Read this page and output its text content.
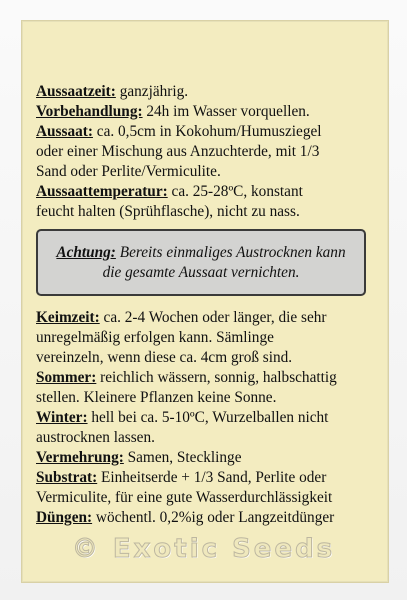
Aussaatzeit: ganzjährig.
Vorbehandlung: 24h im Wasser vorquellen.
Aussaat: ca. 0,5cm in Kokohum/Humusziegel
oder einer Mischung aus Anzuchterde, mit 1/3
Sand oder Perlite/Vermiculite.
Aussaattemperatur: ca. 25-28ºC, konstant
feucht halten (Sprühflasche), nicht zu nass.
Achtung: Bereits einmaliges Austrocknen kann
die gesamte Aussaat vernichten.
Keimzeit: ca. 2-4 Wochen oder länger, die sehr
unregelmäßig erfolgen kann. Sämlinge
vereinzeln, wenn diese ca. 4cm groß sind.
Sommer: reichlich wässern, sonnig, halbschattig
stellen. Kleinere Pflanzen keine Sonne.
Winter: hell bei ca. 5-10ºC, Wurzelballen nicht
austrocknen lassen.
Vermehrung: Samen, Stecklinge
Substrat: Einheitserde + 1/3 Sand, Perlite oder
Vermiculite, für eine gute Wasserdurchlässigkeit
Düngen: wöchentl. 0,2%ig oder Langzeitdünger
© Exotic Seeds
